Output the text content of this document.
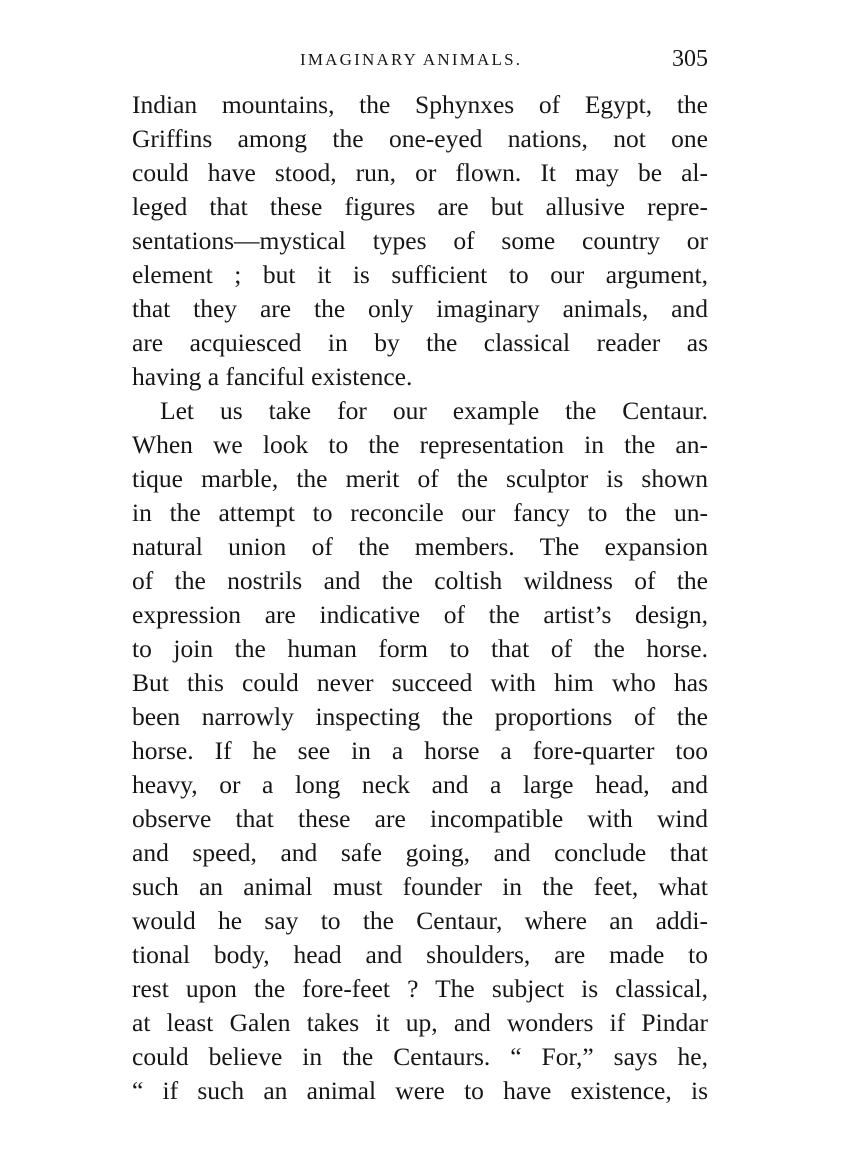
IMAGINARY ANIMALS.	305
Indian mountains, the Sphynxes of Egypt, the
Griffins among the one-eyed nations, not one
could have stood, run, or flown. It may be al-
leged that these figures are but allusive repre-
sentations—mystical types of some country or
element ; but it is sufficient to our argument,
that they are the only imaginary animals, and
are acquiesced in by the classical reader as
having a fanciful existence.
Let us take for our example the Centaur.
When we look to the representation in the an-
tique marble, the merit of the sculptor is shown
in the attempt to reconcile our fancy to the un-
natural union of the members. The expansion
of the nostrils and the coltish wildness of the
expression are indicative of the artist’s design,
to join the human form to that of the horse.
But this could never succeed with him who has
been narrowly inspecting the proportions of the
horse. If he see in a horse a fore-quarter too
heavy, or a long neck and a large head, and
observe that these are incompatible with wind
and speed, and safe going, and conclude that
such an animal must founder in the feet, what
would he say to the Centaur, where an addi-
tional body, head and shoulders, are made to
rest upon the fore-feet ? The subject is classical,
at least Galen takes it up, and wonders if Pindar
could believe in the Centaurs. “ For,” says he,
“ if such an animal were to have existence, is
